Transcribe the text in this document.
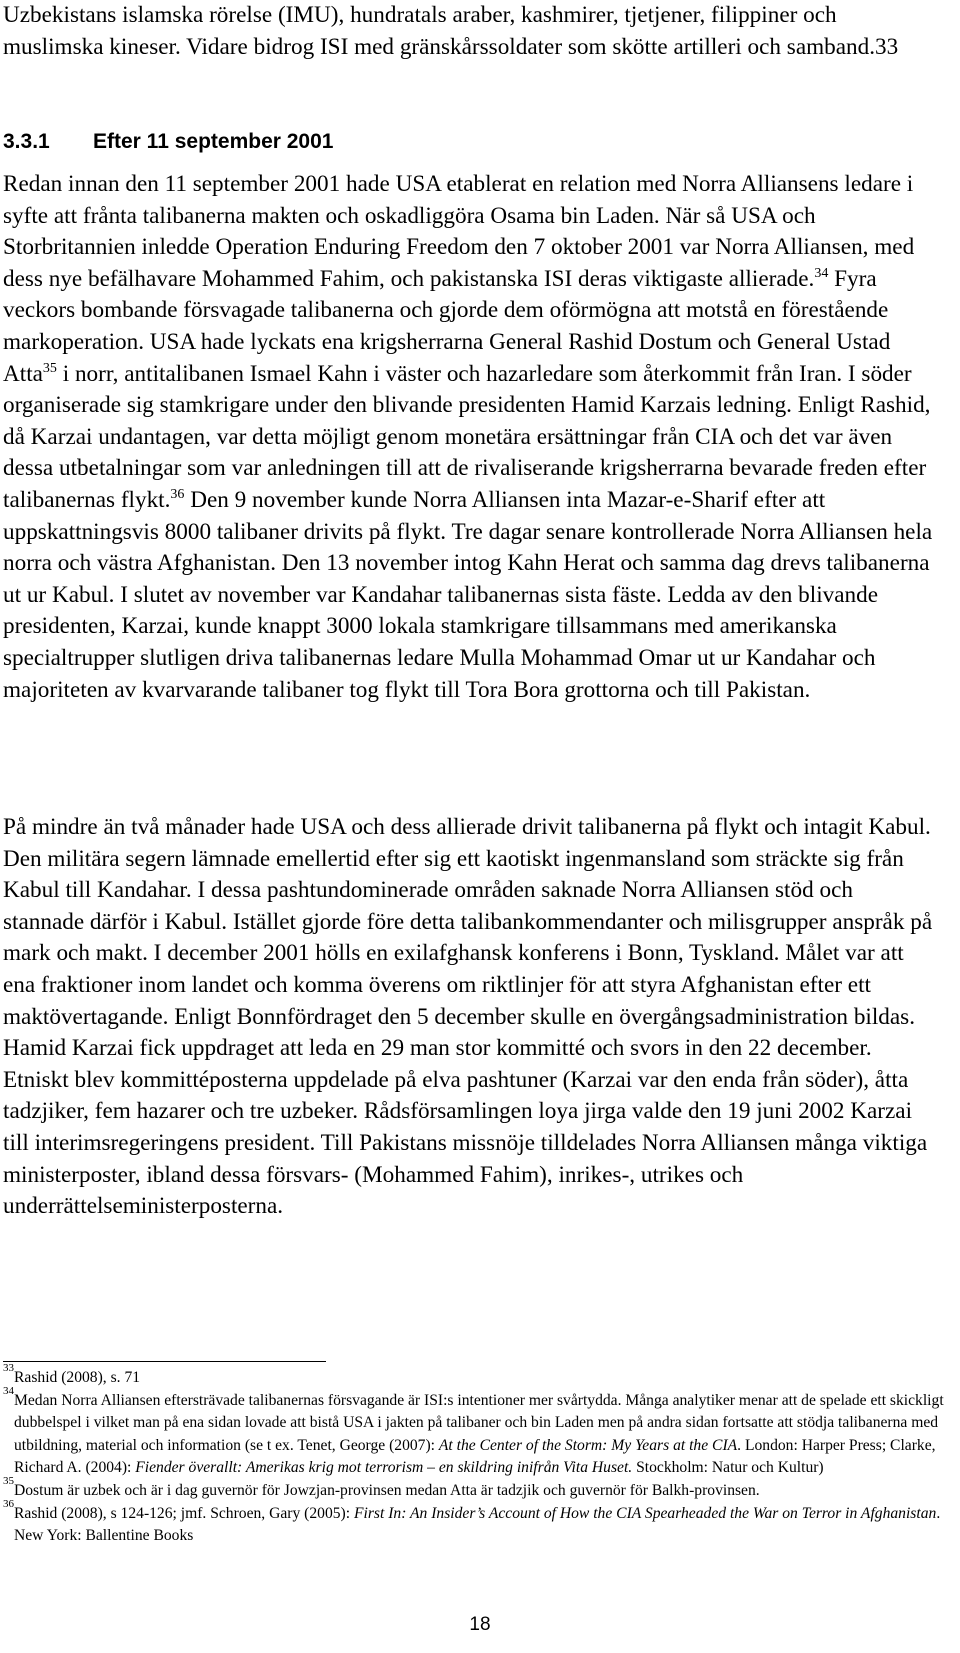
Uzbekistans islamska rörelse (IMU), hundratals araber, kashmirer, tjetjener, filippiner och muslimska kineser. Vidare bidrog ISI med gränskårssoldater som skötte artilleri och samband.33

3.3.1 Efter 11 september 2001

Redan innan den 11 september 2001 hade USA etablerat en relation med Norra Alliansens ledare i syfte att frånta talibanerna makten och oskadliggöra Osama bin Laden. När så USA och Storbritannien inledde Operation Enduring Freedom den 7 oktober 2001 var Norra Alliansen, med dess nye befälhavare Mohammed Fahim, och pakistanska ISI deras viktigaste allierade.$^{34}$ Fyra veckors bombande försvagade talibanerna och gjorde dem oförmögna att motstå en förestående markoperation. USA hade lyckats ena krigsherrarna General Rashid Dostum och General Ustad Atta$^{35}$ i norr, antitalibanen Ismael Kahn i väster och hazarledare som återkommit från Iran. I söder organiserade sig stamkrigare under den blivande presidenten Hamid Karzais ledning. Enligt Rashid, då Karzai undantagen, var detta möjligt genom monetära ersättningar från CIA och det var även dessa utbetalningar som var anledningen till att de rivaliserande krigsherrarna bevarade freden efter talibanernas flykt.$^{36}$ Den 9 november kunde Norra Alliansen inta Mazar-e-Sharif efter att uppskattningsvis 8000 talibaner drivits på flykt. Tre dagar senare kontrollerade Norra Alliansen hela norra och västra Afghanistan. Den 13 november intog Kahn Herat och samma dag drevs talibanerna ut ur Kabul. I slutet av november var Kandahar talibanernas sista fäste. Ledda av den blivande presidenten, Karzai, kunde knappt 3000 lokala stamkrigare tillsammans med amerikanska specialtrupper slutligen driva talibanernas ledare Mulla Mohammad Omar ut ur Kandahar och majoriteten av kvarvarande talibaner tog flykt till Tora Bora grottorna och till Pakistan.

På mindre än två månader hade USA och dess allierade drivit talibanerna på flykt och intagit Kabul. Den militära segern lämnade emellertid efter sig ett kaotiskt ingenmansland som sträckte sig från Kabul till Kandahar. I dessa pashtundominerade områden saknade Norra Alliansen stöd och stannade därför i Kabul. Istället gjorde före detta talibankommendanter och milisgrupper anspråk på mark och makt. I december 2001 hölls en exilafghansk konferens i Bonn, Tyskland. Målet var att ena fraktioner inom landet och komma överens om riktlinjer för att styra Afghanistan efter ett maktövertagande. Enligt Bonnfördraget den 5 december skulle en övergångsadministration bildas. Hamid Karzai fick uppdraget att leda en 29 man stor kommitté och svors in den 22 december. Etniskt blev kommittéposterna uppdelade på elva pashtuner (Karzai var den enda från söder), åtta tadzjiker, fem hazarer och tre uzbeker. Rådsförsamlingen loya jirga valde den 19 juni 2002 Karzai till interimsregeringens president. Till Pakistans missnöje tilldelades Norra Alliansen många viktiga ministerposter, ibland dessa försvars- (Mohammed Fahim), inrikes-, utrikes och underrättelseministerposterna.

33
Rashid (2008), s. 71

34
Medan Norra Alliansen eftersträvade talibanernas försvagande är ISI:s intentioner mer svårtydda. Många analytiker menar att de spelade ett skickligt dubbelspel i vilket man på ena sidan lovade att bistå USA i jakten på talibaner och bin Laden men på andra sidan fortsatte att stödja talibanerna med utbildning, material och information (se t ex. Tenet, George (2007): At the Center of the Storm: My Years at the CIA. London: Harper Press; Clarke, Richard A. (2004): Fiender överallt: Amerikas krig mot terrorism – en skildring inifrån Vita Huset. Stockholm: Natur och Kultur)

35
Dostum är uzbek och är i dag guvernör för Jowzjan-provinsen medan Atta är tadzjik och guvernör för Balkh-provinsen.

36
Rashid (2008), s 124-126; jmf. Schroen, Gary (2005): First In: An Insider’s Account of How the CIA Spearheaded the War on Terror in Afghanistan. New York: Ballentine Books

18
